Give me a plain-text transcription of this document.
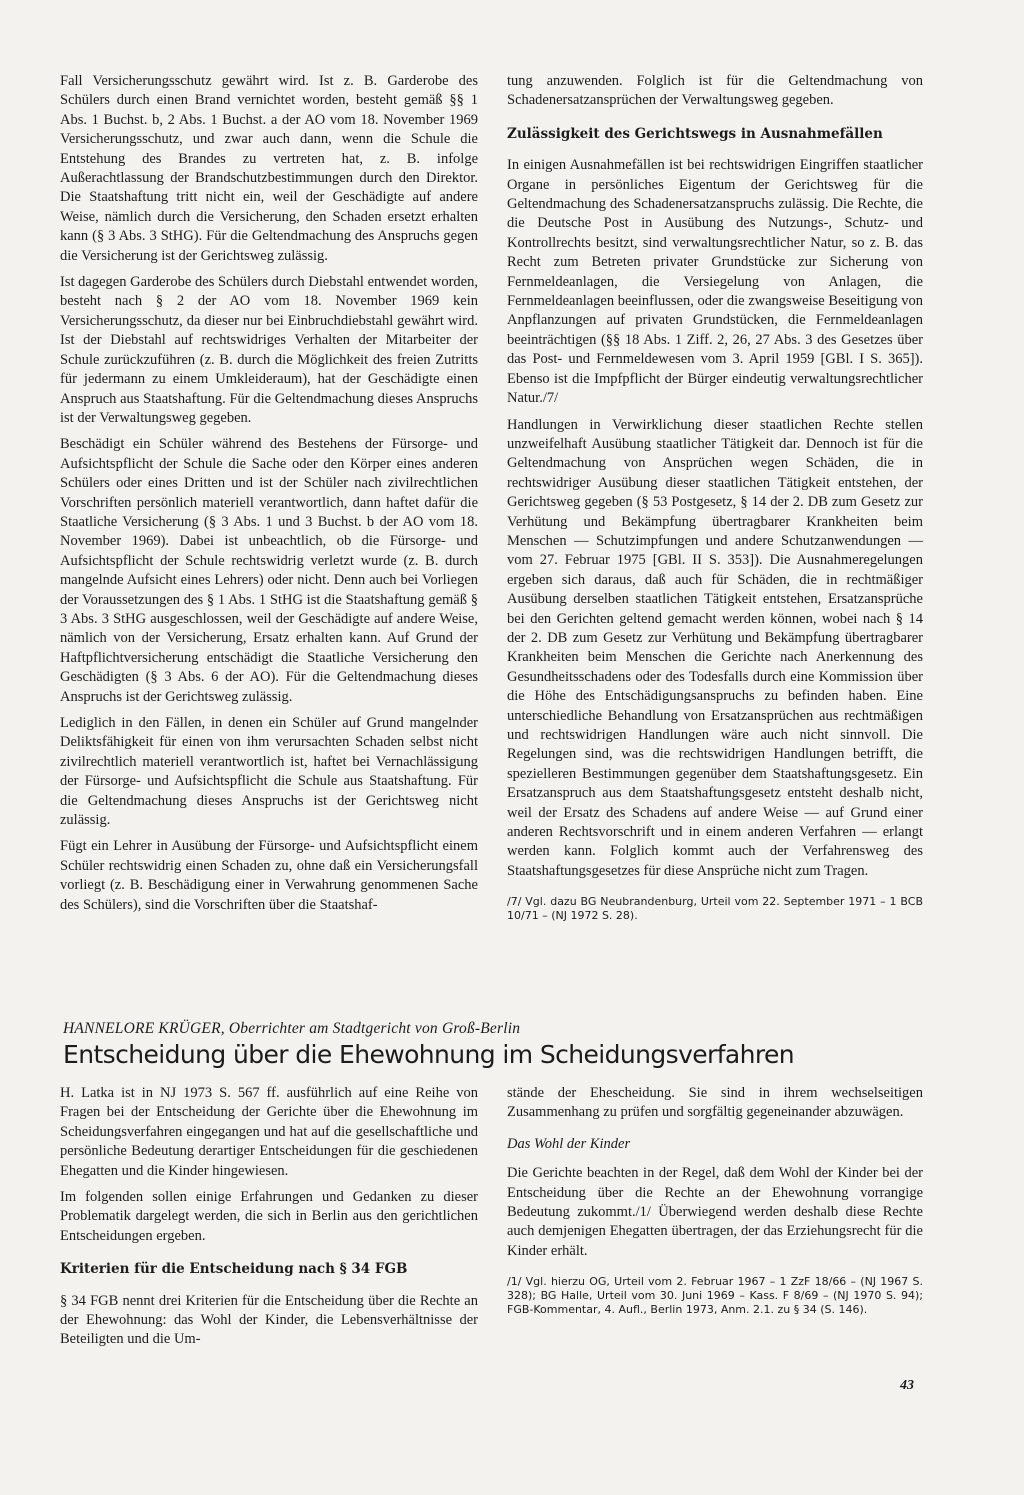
Fall Versicherungsschutz gewährt wird. Ist z. B. Garderobe des Schülers durch einen Brand vernichtet worden, besteht gemäß §§ 1 Abs. 1 Buchst. b, 2 Abs. 1 Buchst. a der AO vom 18. November 1969 Versicherungsschutz, und zwar auch dann, wenn die Schule die Entstehung des Brandes zu vertreten hat, z. B. infolge Außerachtlassung der Brandschutzbestimmungen durch den Direktor. Die Staatshaftung tritt nicht ein, weil der Geschädigte auf andere Weise, nämlich durch die Versicherung, den Schaden ersetzt erhalten kann (§ 3 Abs. 3 StHG). Für die Geltendmachung des Anspruchs gegen die Versicherung ist der Gerichtsweg zulässig.

Ist dagegen Garderobe des Schülers durch Diebstahl entwendet worden, besteht nach § 2 der AO vom 18. November 1969 kein Versicherungsschutz, da dieser nur bei Einbruchdiebstahl gewährt wird. Ist der Diebstahl auf rechtswidriges Verhalten der Mitarbeiter der Schule zurückzuführen (z. B. durch die Möglichkeit des freien Zutritts für jedermann zu einem Umkleideraum), hat der Geschädigte einen Anspruch aus Staatshaftung. Für die Geltendmachung dieses Anspruchs ist der Verwaltungsweg gegeben.

Beschädigt ein Schüler während des Bestehens der Fürsorge- und Aufsichtspflicht der Schule die Sache oder den Körper eines anderen Schülers oder eines Dritten und ist der Schüler nach zivilrechtlichen Vorschriften persönlich materiell verantwortlich, dann haftet dafür die Staatliche Versicherung (§ 3 Abs. 1 und 3 Buchst. b der AO vom 18. November 1969). Dabei ist unbeachtlich, ob die Fürsorge- und Aufsichtspflicht der Schule rechtswidrig verletzt wurde (z. B. durch mangelnde Aufsicht eines Lehrers) oder nicht. Denn auch bei Vorliegen der Voraussetzungen des § 1 Abs. 1 StHG ist die Staatshaftung gemäß § 3 Abs. 3 StHG ausgeschlossen, weil der Geschädigte auf andere Weise, nämlich von der Versicherung, Ersatz erhalten kann. Auf Grund der Haftpflichtversicherung entschädigt die Staatliche Versicherung den Geschädigten (§ 3 Abs. 6 der AO). Für die Geltendmachung dieses Anspruchs ist der Gerichtsweg zulässig.

Lediglich in den Fällen, in denen ein Schüler auf Grund mangelnder Deliktsfähigkeit für einen von ihm verursachten Schaden selbst nicht zivilrechtlich materiell verantwortlich ist, haftet bei Vernachlässigung der Fürsorge- und Aufsichtspflicht die Schule aus Staatshaftung. Für die Geltendmachung dieses Anspruchs ist der Gerichtsweg nicht zulässig.

Fügt ein Lehrer in Ausübung der Fürsorge- und Aufsichtspflicht einem Schüler rechtswidrig einen Schaden zu, ohne daß ein Versicherungsfall vorliegt (z. B. Beschädigung einer in Verwahrung genommenen Sache des Schülers), sind die Vorschriften über die Staatshaf-

tung anzuwenden. Folglich ist für die Geltendmachung von Schadenersatzansprüchen der Verwaltungsweg gegeben.

Zulässigkeit des Gerichtswegs in Ausnahmefällen

In einigen Ausnahmefällen ist bei rechtswidrigen Eingriffen staatlicher Organe in persönliches Eigentum der Gerichtsweg für die Geltendmachung des Schadenersatzanspruchs zulässig. Die Rechte, die die Deutsche Post in Ausübung des Nutzungs-, Schutz- und Kontrollrechts besitzt, sind verwaltungsrechtlicher Natur, so z. B. das Recht zum Betreten privater Grundstücke zur Sicherung von Fernmeldeanlagen, die Versiegelung von Anlagen, die Fernmeldeanlagen beeinflussen, oder die zwangsweise Beseitigung von Anpflanzungen auf privaten Grundstücken, die Fernmeldeanlagen beeinträchtigen (§§ 18 Abs. 1 Ziff. 2, 26, 27 Abs. 3 des Gesetzes über das Post- und Fernmeldewesen vom 3. April 1959 [GBl. I S. 365]). Ebenso ist die Impfpflicht der Bürger eindeutig verwaltungsrechtlicher Natur./7/

Handlungen in Verwirklichung dieser staatlichen Rechte stellen unzweifelhaft Ausübung staatlicher Tätigkeit dar. Dennoch ist für die Geltendmachung von Ansprüchen wegen Schäden, die in rechtswidriger Ausübung dieser staatlichen Tätigkeit entstehen, der Gerichtsweg gegeben (§ 53 Postgesetz, § 14 der 2. DB zum Gesetz zur Verhütung und Bekämpfung übertragbarer Krankheiten beim Menschen — Schutzimpfungen und andere Schutzanwendungen — vom 27. Februar 1975 [GBl. II S. 353]). Die Ausnahmeregelungen ergeben sich daraus, daß auch für Schäden, die in rechtmäßiger Ausübung derselben staatlichen Tätigkeit entstehen, Ersatzansprüche bei den Gerichten geltend gemacht werden können, wobei nach § 14 der 2. DB zum Gesetz zur Verhütung und Bekämpfung übertragbarer Krankheiten beim Menschen die Gerichte nach Anerkennung des Gesundheitsschadens oder des Todesfalls durch eine Kommission über die Höhe des Entschädigungsanspruchs zu befinden haben. Eine unterschiedliche Behandlung von Ersatzansprüchen aus rechtmäßigen und rechtswidrigen Handlungen wäre auch nicht sinnvoll. Die Regelungen sind, was die rechtswidrigen Handlungen betrifft, die spezielleren Bestimmungen gegenüber dem Staatshaftungsgesetz. Ein Ersatzanspruch aus dem Staatshaftungsgesetz entsteht deshalb nicht, weil der Ersatz des Schadens auf andere Weise — auf Grund einer anderen Rechtsvorschrift und in einem anderen Verfahren — erlangt werden kann. Folglich kommt auch der Verfahrensweg des Staatshaftungsgesetzes für diese Ansprüche nicht zum Tragen.

/7/ Vgl. dazu BG Neubrandenburg, Urteil vom 22. September 1971 – 1 BCB 10/71 – (NJ 1972 S. 28).

HANNELORE KRÜGER, Oberrichter am Stadtgericht von Groß-Berlin
Entscheidung über die Ehewohnung im Scheidungsverfahren

H. Latka ist in NJ 1973 S. 567 ff. ausführlich auf eine Reihe von Fragen bei der Entscheidung der Gerichte über die Ehewohnung im Scheidungsverfahren eingegangen und hat auf die gesellschaftliche und persönliche Bedeutung derartiger Entscheidungen für die geschiedenen Ehegatten und die Kinder hingewiesen.

Im folgenden sollen einige Erfahrungen und Gedanken zu dieser Problematik dargelegt werden, die sich in Berlin aus den gerichtlichen Entscheidungen ergeben.

Kriterien für die Entscheidung nach § 34 FGB

§ 34 FGB nennt drei Kriterien für die Entscheidung über die Rechte an der Ehewohnung: das Wohl der Kinder, die Lebensverhältnisse der Beteiligten und die Um-

stände der Ehescheidung. Sie sind in ihrem wechselseitigen Zusammenhang zu prüfen und sorgfältig gegeneinander abzuwägen.

Das Wohl der Kinder

Die Gerichte beachten in der Regel, daß dem Wohl der Kinder bei der Entscheidung über die Rechte an der Ehewohnung vorrangige Bedeutung zukommt./1/ Überwiegend werden deshalb diese Rechte auch demjenigen Ehegatten übertragen, der das Erziehungsrecht für die Kinder erhält.

/1/ Vgl. hierzu OG, Urteil vom 2. Februar 1967 – 1 ZzF 18/66 – (NJ 1967 S. 328); BG Halle, Urteil vom 30. Juni 1969 – Kass. F 8/69 – (NJ 1970 S. 94); FGB-Kommentar, 4. Aufl., Berlin 1973, Anm. 2.1. zu § 34 (S. 146).

43
